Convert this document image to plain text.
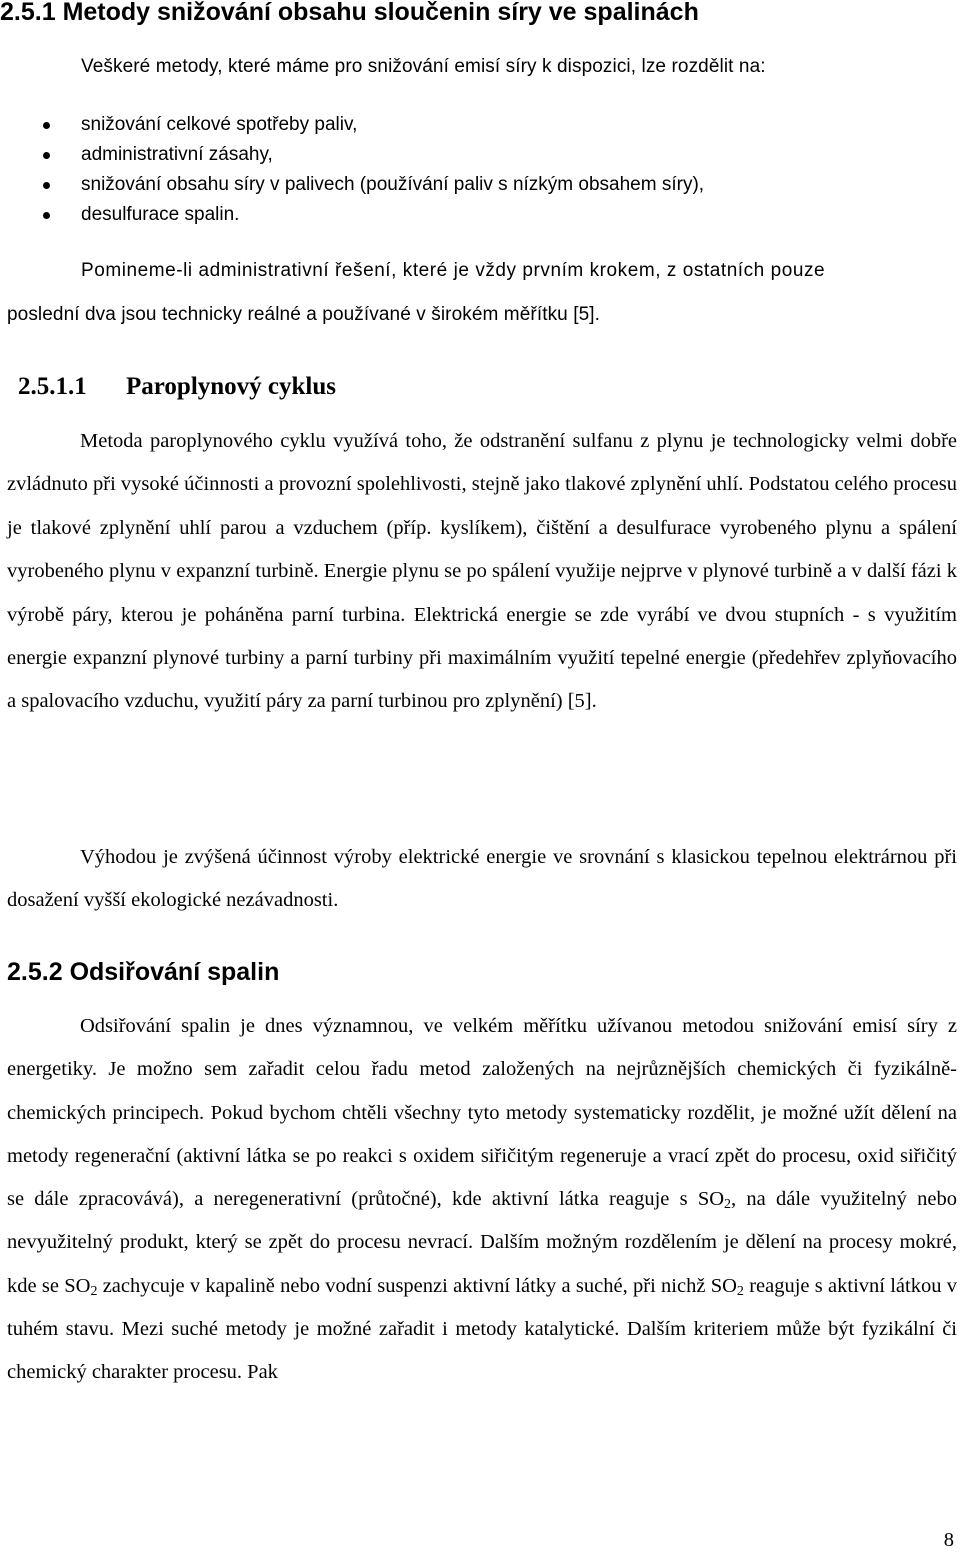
2.5.1 Metody snižování obsahu sloučenin síry ve spalinách
Veškeré metody, které máme pro snižování emisí síry k dispozici, lze rozdělit na:
snižování celkové spotřeby paliv,
administrativní zásahy,
snižování obsahu síry v palivech (používání paliv s nízkým obsahem síry),
desulfurace spalin.
Pomineme-li administrativní řešení, které je vždy prvním krokem, z ostatních pouze
poslední dva jsou technicky reálné a používané v širokém měřítku [5].
2.5.1.1 Paroplynový cyklus

Metoda paroplynového cyklu využívá toho, že odstranění sulfanu z plynu je technologicky velmi dobře zvládnuto při vysoké účinnosti a provozní spolehlivosti, stejně jako tlakové zplynění uhlí. Podstatou celého procesu je tlakové zplynění uhlí parou a vzduchem (příp. kyslíkem), čištění a desulfurace vyrobeného plynu a spálení vyrobeného plynu v expanzní turbině. Energie plynu se po spálení využije nejprve v plynové turbině a v další fázi k výrobě páry, kterou je poháněna parní turbina. Elektrická energie se zde vyrábí ve dvou stupních - s využitím energie expanzní plynové turbiny a parní turbiny při maximálním využití tepelné energie (předehřev zplyňovacího a spalovacího vzduchu, využití páry za parní turbinou pro zplynění) [5].

Výhodou je zvýšená účinnost výroby elektrické energie ve srovnání s klasickou tepelnou elektrárnou při dosažení vyšší ekologické nezávadnosti.

2.5.2 Odsiřování spalin

Odsiřování spalin je dnes významnou, ve velkém měřítku užívanou metodou snižování emisí síry z energetiky. Je možno sem zařadit celou řadu metod založených na nejrůznějších chemických či fyzikálně-chemických principech. Pokud bychom chtěli všechny tyto metody systematicky rozdělit, je možné užít dělení na metody regenerační (aktivní látka se po reakci s oxidem siřičitým regeneruje a vrací zpět do procesu, oxid siřičitý se dále zpracovává), a neregenerativní (průtočné), kde aktivní látka reaguje s $SO_2$, na dále využitelný nebo nevyužitelný produkt, který se zpět do procesu nevrací. Dalším možným rozdělením je dělení na procesy mokré, kde se $SO_2$ zachycuje v kapalině nebo vodní suspenzi aktivní látky a suché, při nichž $SO_2$ reaguje s aktivní látkou v tuhém stavu. Mezi suché metody je možné zařadit i metody katalytické. Dalším kriteriem může být fyzikální či chemický charakter procesu. Pak

8
